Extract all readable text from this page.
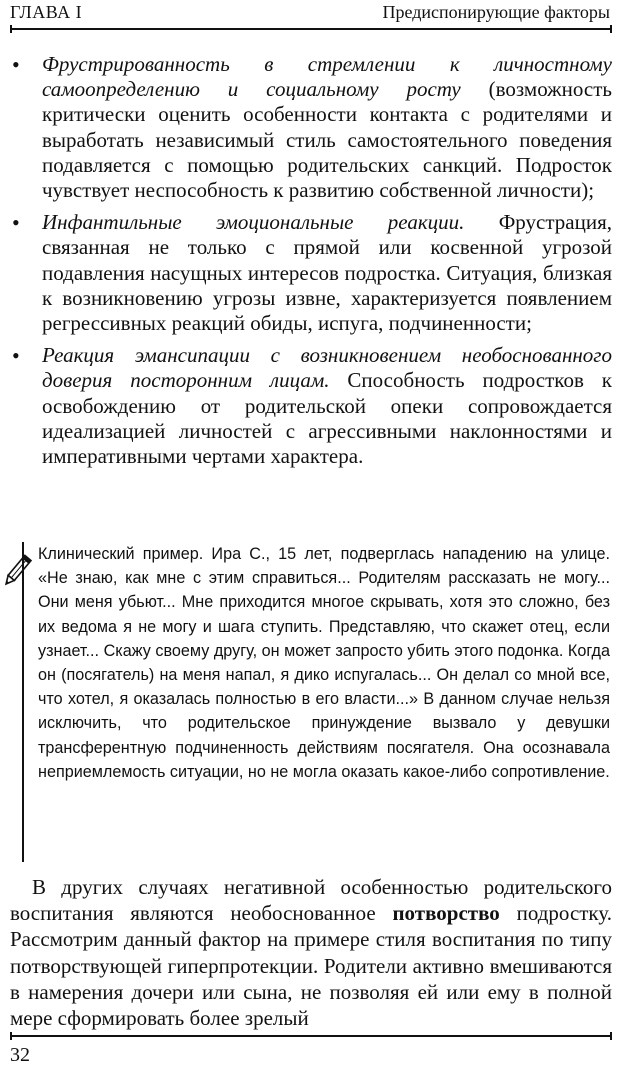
ГЛАВА I	Предиспонирующие факторы
• Фрустрированность в стремлении к личностному самоопределению и социальному росту (возможность критически оценить особенности контакта с родителями и выработать независимый стиль самостоятельного поведения подавляется с помощью родительских санкций. Подросток чувствует неспособность к развитию собственной личности);
• Инфантильные эмоциональные реакции. Фрустрация, связанная не только с прямой или косвенной угрозой подавления насущных интересов подростка. Ситуация, близкая к возникновению угрозы извне, характеризуется появлением регрессивных реакций обиды, испуга, подчиненности;
• Реакция эмансипации с возникновением необоснованного доверия посторонним лицам. Способность подростков к освобождению от родительской опеки сопровождается идеализацией личностей с агрессивными наклонностями и императивными чертами характера.
Клинический пример. Ира С., 15 лет, подверглась нападению на улице. «Не знаю, как мне с этим справиться... Родителям рассказать не могу... Они меня убьют... Мне приходится многое скрывать, хотя это сложно, без их ведома я не могу и шага ступить. Представляю, что скажет отец, если узнает... Скажу своему другу, он может запросто убить этого подонка. Когда он (посягатель) на меня напал, я дико испугалась... Он делал со мной все, что хотел, я оказалась полностью в его власти...» В данном случае нельзя исключить, что родительское принуждение вызвало у девушки трансферентную подчиненность действиям посягателя. Она осознавала неприемлемость ситуации, но не могла оказать какое-либо сопротивление.
В других случаях негативной особенностью родительского воспитания являются необоснованное потворство подростку. Рассмотрим данный фактор на примере стиля воспитания по типу потворствующей гиперпротекции. Родители активно вмешиваются в намерения дочери или сына, не позволяя ей или ему в полной мере сформировать более зрелый
32
